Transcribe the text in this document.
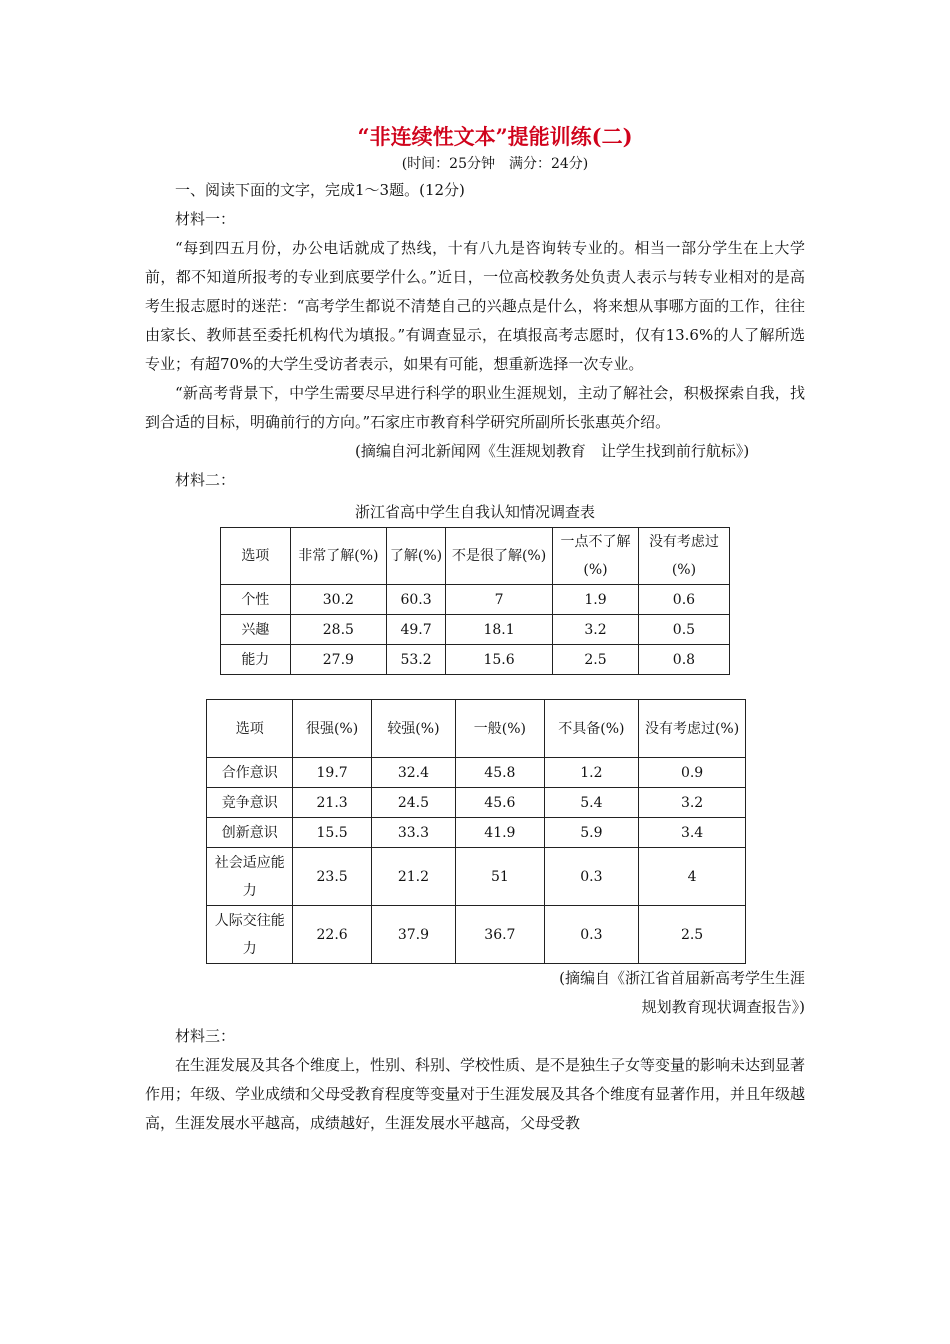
“非连续性文本”提能训练(二)
(时间：25分钟　满分：24分)

一、阅读下面的文字，完成1～3题。(12分)

材料一：

“每到四五月份，办公电话就成了热线，十有八九是咨询转专业的。相当一部分学生在上大学前，都不知道所报考的专业到底要学什么。”近日，一位高校教务处负责人表示与转专业相对的是高考生报志愿时的迷茫：“高考学生都说不清楚自己的兴趣点是什么，将来想从事哪方面的工作，往往由家长、教师甚至委托机构代为填报。”有调查显示，在填报高考志愿时，仅有13.6%的人了解所选专业；有超70%的大学生受访者表示，如果有可能，想重新选择一次专业。

“新高考背景下，中学生需要尽早进行科学的职业生涯规划，主动了解社会，积极探索自我，找到合适的目标，明确前行的方向。”石家庄市教育科学研究所副所长张惠英介绍。

(摘编自河北新闻网《生涯规划教育　让学生找到前行航标》)

材料二：

浙江省高中学生自我认知情况调查表
选项	非常了解(%)	了解(%)	不是很了解(%)	一点不了解(%)	没有考虑过(%)
个性	30.2	60.3	7	1.9	0.6
兴趣	28.5	49.7	18.1	3.2	0.5
能力	27.9	53.2	15.6	2.5	0.8
选项	很强(%)	较强(%)	一般(%)	不具备(%)	没有考虑过(%)
合作意识	19.7	32.4	45.8	1.2	0.9
竞争意识	21.3	24.5	45.6	5.4	3.2
创新意识	15.5	33.3	41.9	5.9	3.4
社会适应能力	23.5	21.2	51	0.3	4
人际交往能力	22.6	37.9	36.7	0.3	2.5
(摘编自《浙江省首届新高考学生生涯
规划教育现状调查报告》)

材料三：

在生涯发展及其各个维度上，性别、科别、学校性质、是不是独生子女等变量的影响未达到显著作用；年级、学业成绩和父母受教育程度等变量对于生涯发展及其各个维度有显著作用，并且年级越高，生涯发展水平越高，成绩越好，生涯发展水平越高，父母受教
